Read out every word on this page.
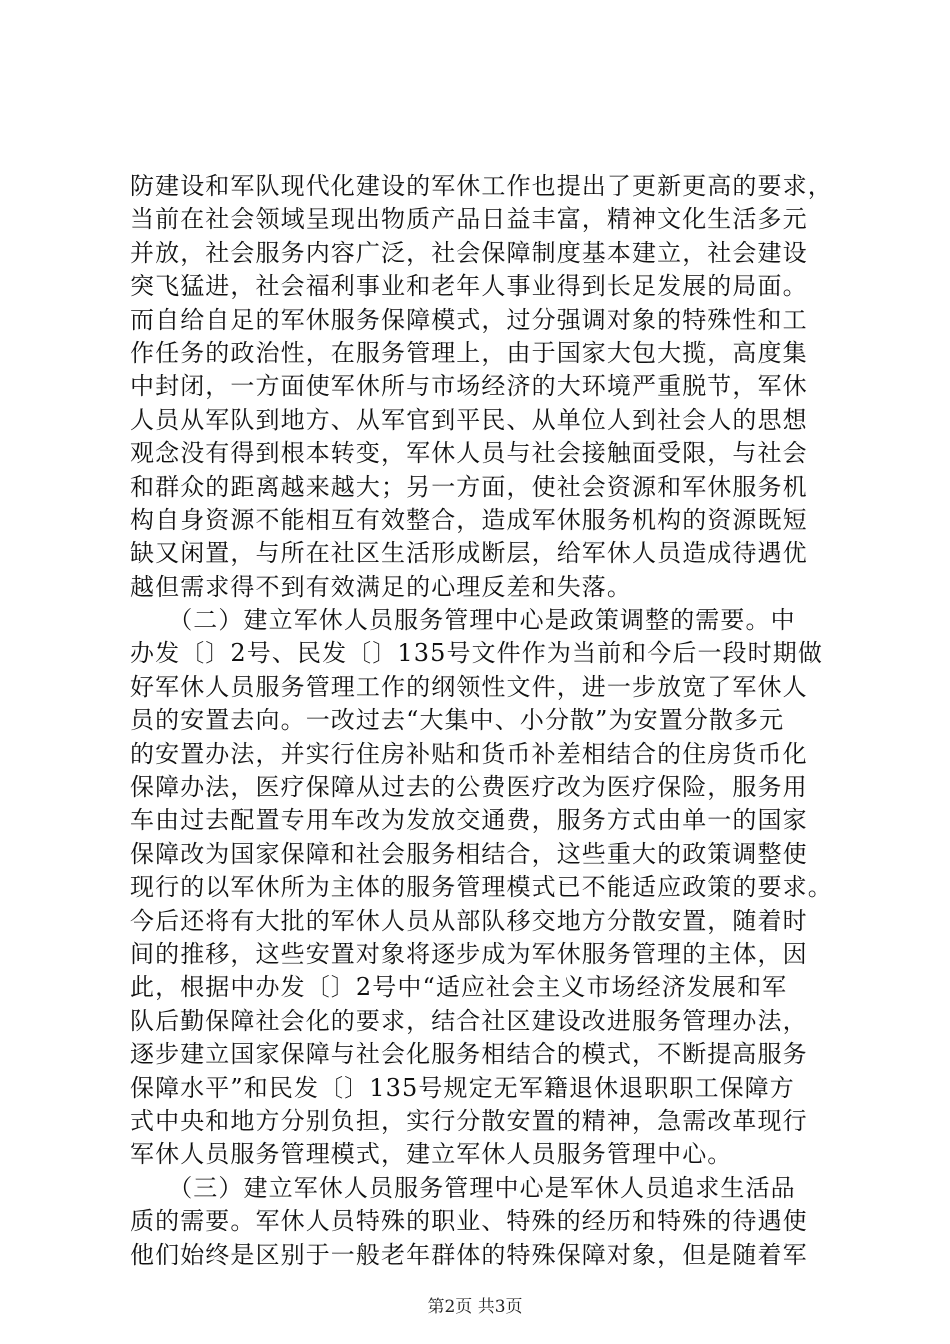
防建设和军队现代化建设的军休工作也提出了更新更高的要求，
当前在社会领域呈现出物质产品日益丰富，精神文化生活多元
并放，社会服务内容广泛，社会保障制度基本建立，社会建设
突飞猛进，社会福利事业和老年人事业得到长足发展的局面。
而自给自足的军休服务保障模式，过分强调对象的特殊性和工
作任务的政治性，在服务管理上，由于国家大包大揽，高度集
中封闭，一方面使军休所与市场经济的大环境严重脱节，军休
人员从军队到地方、从军官到平民、从单位人到社会人的思想
观念没有得到根本转变，军休人员与社会接触面受限，与社会
和群众的距离越来越大；另一方面，使社会资源和军休服务机
构自身资源不能相互有效整合，造成军休服务机构的资源既短
缺又闲置，与所在社区生活形成断层，给军休人员造成待遇优
越但需求得不到有效满足的心理反差和失落。
　　（二）建立军休人员服务管理中心是政策调整的需要。中
办发〔〕2号、民发〔〕135号文件作为当前和今后一段时期做
好军休人员服务管理工作的纲领性文件，进一步放宽了军休人
员的安置去向。一改过去“大集中、小分散”为安置分散多元
的安置办法，并实行住房补贴和货币补差相结合的住房货币化
保障办法，医疗保障从过去的公费医疗改为医疗保险，服务用
车由过去配置专用车改为发放交通费，服务方式由单一的国家
保障改为国家保障和社会服务相结合，这些重大的政策调整使
现行的以军休所为主体的服务管理模式已不能适应政策的要求。
今后还将有大批的军休人员从部队移交地方分散安置，随着时
间的推移，这些安置对象将逐步成为军休服务管理的主体，因
此，根据中办发〔〕2号中“适应社会主义市场经济发展和军
队后勤保障社会化的要求，结合社区建设改进服务管理办法，
逐步建立国家保障与社会化服务相结合的模式，不断提高服务
保障水平”和民发〔〕135号规定无军籍退休退职职工保障方
式中央和地方分别负担，实行分散安置的精神，急需改革现行
军休人员服务管理模式，建立军休人员服务管理中心。
　　（三）建立军休人员服务管理中心是军休人员追求生活品
质的需要。军休人员特殊的职业、特殊的经历和特殊的待遇使
他们始终是区别于一般老年群体的特殊保障对象，但是随着军
第2页 共3页
